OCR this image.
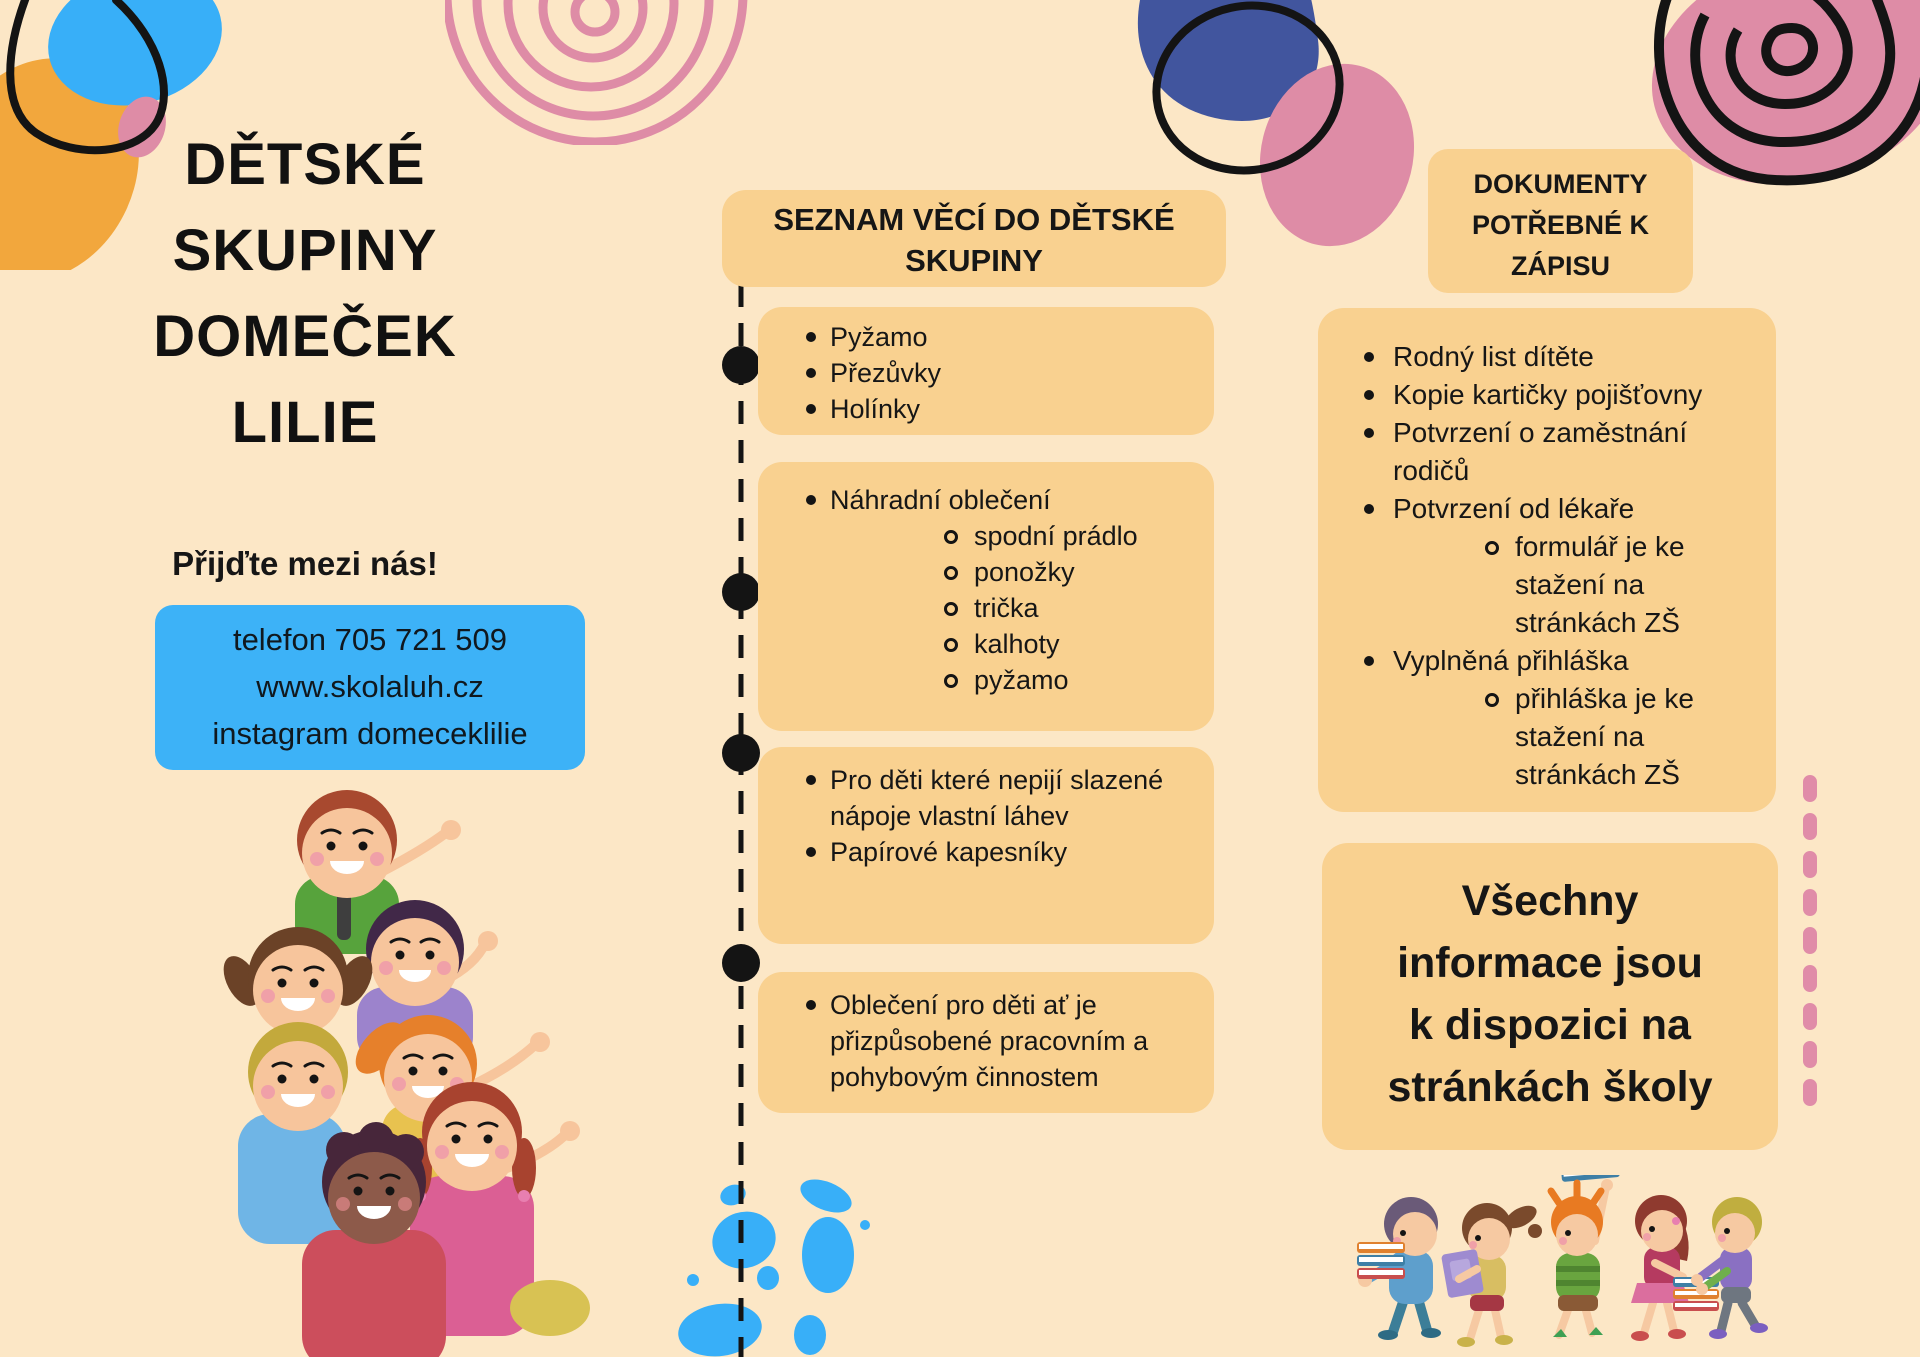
DĚTSKÉ
SKUPINY
DOMEČEK
LILIE
Přijďte mezi nás!
telefon 705 721 509
www.skolaluh.cz
instagram domeceklilie
SEZNAM VĚCÍ DO DĚTSKÉ SKUPINY
Pyžamo
Přezůvky
Holínky
Náhradní oblečení
spodní prádlo
ponožky
trička
kalhoty
pyžamo
Pro děti které nepijí slazené nápoje vlastní láhev
Papírové kapesníky
Oblečení pro děti ať je přizpůsobené pracovním a pohybovým činnostem
DOKUMENTY
POTŘEBNÉ K
ZÁPISU
Rodný list dítěte
Kopie kartičky pojišťovny
Potvrzení o zaměstnání rodičů
Potvrzení od lékaře
formulář je ke stažení na stránkách ZŠ
Vyplněná přihláška
přihláška je ke stažení na stránkách ZŠ
Všechny
informace jsou
k dispozici na
stránkách školy
